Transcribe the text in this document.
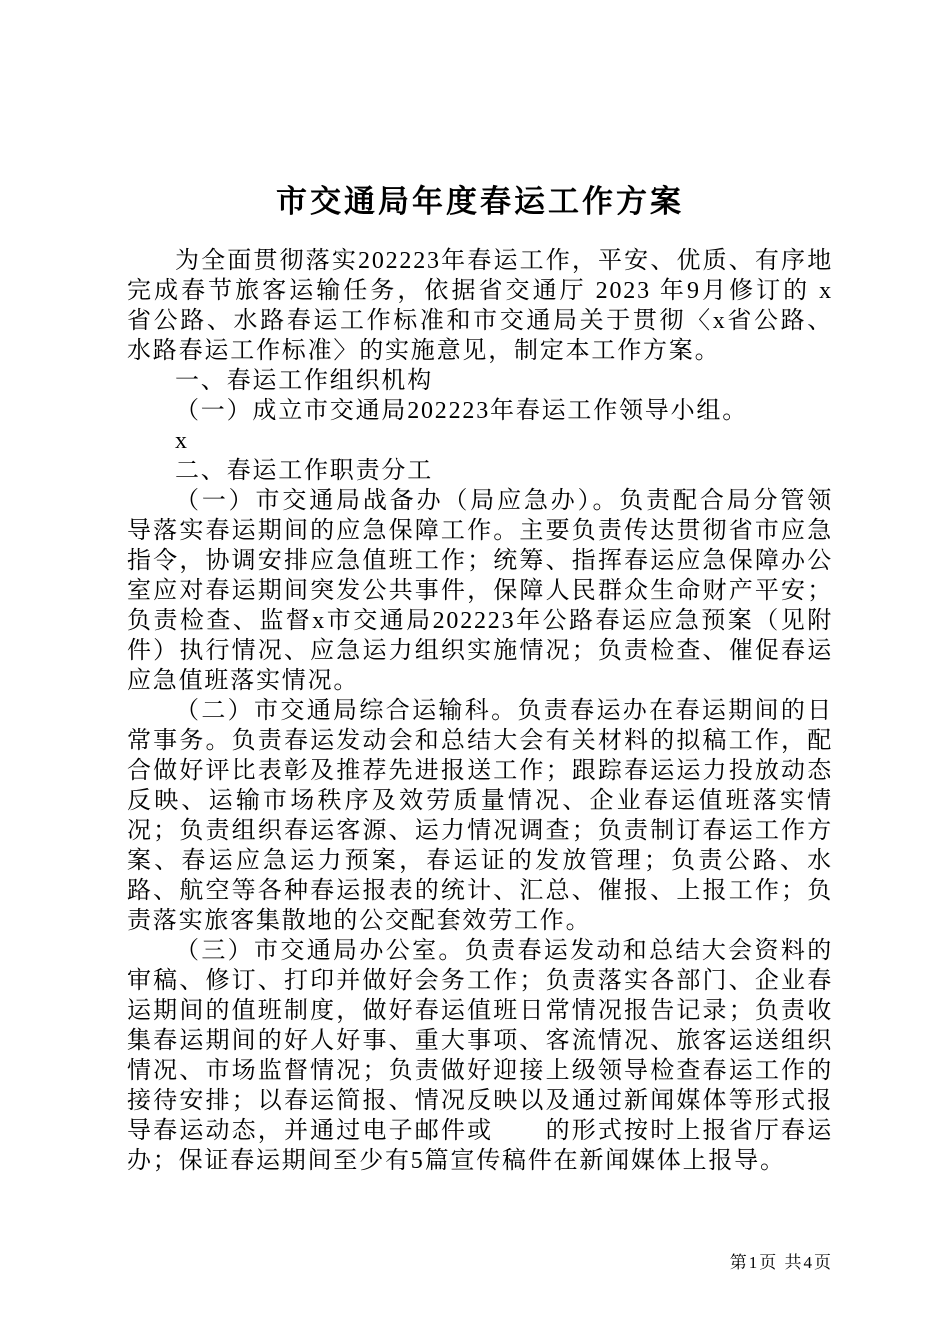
市交通局年度春运工作方案

为全面贯彻落实202223年春运工作，平安、优质、有序地完成春节旅客运输任务，依据省交通厅 2023 年9月修订的 x 省公路、水路春运工作标准和市交通局关于贯彻〈x省公路、水路春运工作标准〉的实施意见，制定本工作方案。

一、春运工作组织机构

（一）成立市交通局202223年春运工作领导小组。

x

二、春运工作职责分工

（一）市交通局战备办（局应急办）。负责配合局分管领导落实春运期间的应急保障工作。主要负责传达贯彻省市应急指令，协调安排应急值班工作；统筹、指挥春运应急保障办公室应对春运期间突发公共事件，保障人民群众生命财产平安；负责检查、监督x市交通局202223年公路春运应急预案（见附件）执行情况、应急运力组织实施情况；负责检查、催促春运应急值班落实情况。

（二）市交通局综合运输科。负责春运办在春运期间的日常事务。负责春运发动会和总结大会有关材料的拟稿工作，配合做好评比表彰及推荐先进报送工作；跟踪春运运力投放动态反映、运输市场秩序及效劳质量情况、企业春运值班落实情况；负责组织春运客源、运力情况调查；负责制订春运工作方案、春运应急运力预案，春运证的发放管理；负责公路、水路、航空等各种春运报表的统计、汇总、催报、上报工作；负责落实旅客集散地的公交配套效劳工作。

（三）市交通局办公室。负责春运发动和总结大会资料的审稿、修订、打印并做好会务工作；负责落实各部门、企业春运期间的值班制度，做好春运值班日常情况报告记录；负责收集春运期间的好人好事、重大事项、客流情况、旅客运送组织情况、市场监督情况；负责做好迎接上级领导检查春运工作的接待安排；以春运简报、情况反映以及通过新闻媒体等形式报导春运动态，并通过电子邮件或　　的形式按时上报省厅春运办；保证春运期间至少有5篇宣传稿件在新闻媒体上报导。

第1页 共4页
